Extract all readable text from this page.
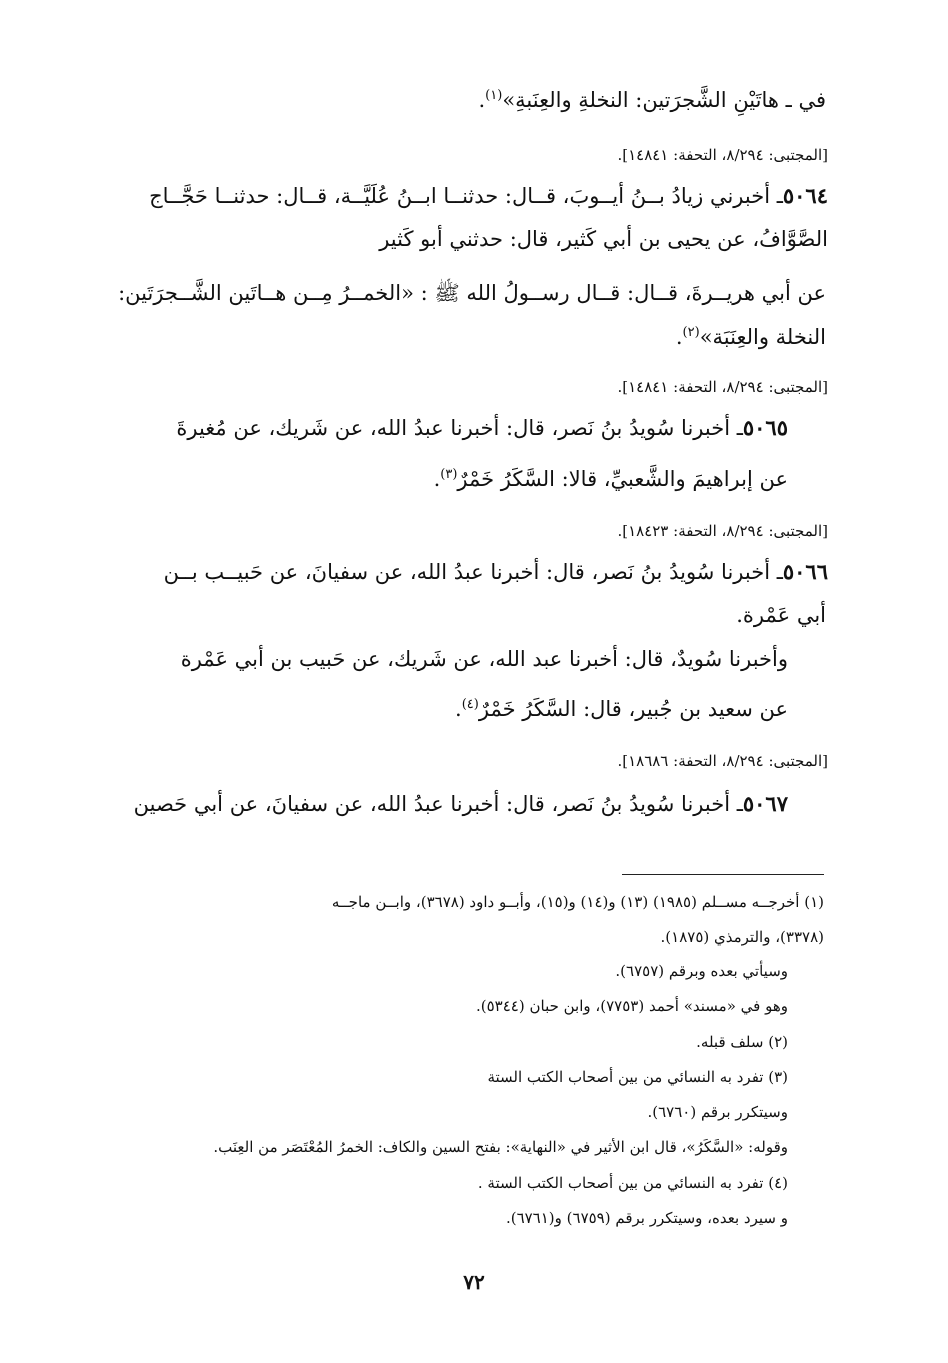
في ـ هاتَيْنِ الشَّجرَتين: النخلةِ والعِنَبةِ»$^{(١)}$.
[المجتبى: ٨/٢٩٤، التحفة: ١٤٨٤١].
٥٠٦٤ـ أخبرني زيادُ بــنُ أيــوبَ، قــال: حدثنــا ابــنُ عُلَيَّــة، قــال: حدثنــا حَجَّــاج
الصَّوَّافُ، عن يحيى بن أبي كَثير، قال: حدثني أبو كَثير
عن أبي هريــرةَ، قــال: قــال رســولُ الله ﷺ : «الخمــرُ مِــن هــاتَين الشَّــجرَتَين:
النخلة والعِنَبَة»$^{(٢)}$.
[المجتبى: ٨/٢٩٤، التحفة: ١٤٨٤١].
٥٠٦٥ـ أخبرنا سُويدُ بنُ نَصر، قال: أخبرنا عبدُ الله، عن شَريك، عن مُغيرةَ
عن إبراهيمَ والشَّعبيِّ، قالا: السَّكَرُ خَمْرٌ$^{(٣)}$.
[المجتبى: ٨/٢٩٤، التحفة: ١٨٤٢٣].
٥٠٦٦ـ أخبرنا سُويدُ بنُ نَصر، قال: أخبرنا عبدُ الله، عن سفيانَ، عن حَبيــب بــن
أبي عَمْرة.
وأخبرنا سُويدٌ، قال: أخبرنا عبد الله، عن شَريك، عن حَبيب بن أبي عَمْرة
عن سعيد بن جُبير، قال: السَّكَرُ خَمْرٌ$^{(٤)}$.
[المجتبى: ٨/٢٩٤، التحفة: ١٨٦٨٦].
٥٠٦٧ـ أخبرنا سُويدُ بنُ نَصر، قال: أخبرنا عبدُ الله، عن سفيانَ، عن أبي حَصين
(١) أخرجــه مســلم (١٩٨٥) (١٣) و(١٤) و(١٥)، وأبــو داود (٣٦٧٨)، وابــن ماجــه
(٣٣٧٨)، والترمذي (١٨٧٥).
وسيأتي بعده وبرقم (٦٧٥٧).
وهو في «مسند» أحمد (٧٧٥٣)، وابن حبان (٥٣٤٤).
(٢) سلف قبله.
(٣) تفرد به النسائي من بين أصحاب الكتب الستة
وسيتكرر برقم (٦٧٦٠).
وقوله: «السَّكَرُ»، قال ابن الأثير في «النهاية»: بفتح السين والكاف: الخمرُ المُعْتَصَر من العِنَب.
(٤) تفرد به النسائي من بين أصحاب الكتب الستة .
و سيرد بعده، وسيتكرر برقم (٦٧٥٩) و(٦٧٦١).
٧٢
